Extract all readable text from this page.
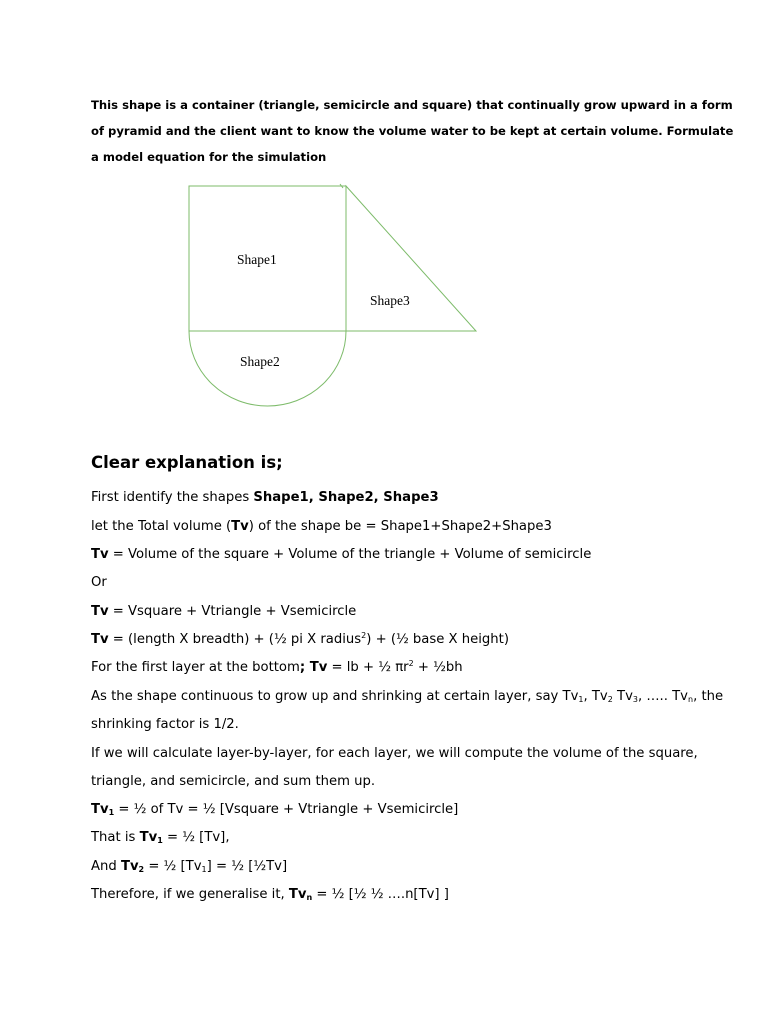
This shape is a container (triangle, semicircle and square) that continually grow upward in a form

of pyramid and the client want to know the volume water to be kept at certain volume. Formulate

a model equation for the simulation

Shape1
Shape3
Shape2
Clear explanation is;
First identify the shapes Shape1, Shape2, Shape3
let the Total volume (Tv) of the shape be = Shape1+Shape2+Shape3
Tv = Volume of the square + Volume of the triangle + Volume of semicircle
Or
Tv = Vsquare + Vtriangle + Vsemicircle
Tv = (length X breadth) + (½ pi X radius$^2$) + (½ base X height)
For the first layer at the bottom; Tv = lb + ½ $\pi r^2$ + ½bh
As the shape continuous to grow up and shrinking at certain layer, say $Tv_1$, $Tv_2$ $Tv_3$, ….. $Tv_n$, the
shrinking factor is 1/2.
If we will calculate layer-by-layer, for each layer, we will compute the volume of the square,
triangle, and semicircle, and sum them up.
$Tv_1$ = ½ of Tv = ½ [Vsquare + Vtriangle + Vsemicircle]
That is $Tv_1$ = ½ [Tv],
And $Tv_2$ = ½ $[Tv_1]$ = ½ [½Tv]
Therefore, if we generalise it, $Tv_n$ = ½ [½ ½ ….n[Tv] ]
